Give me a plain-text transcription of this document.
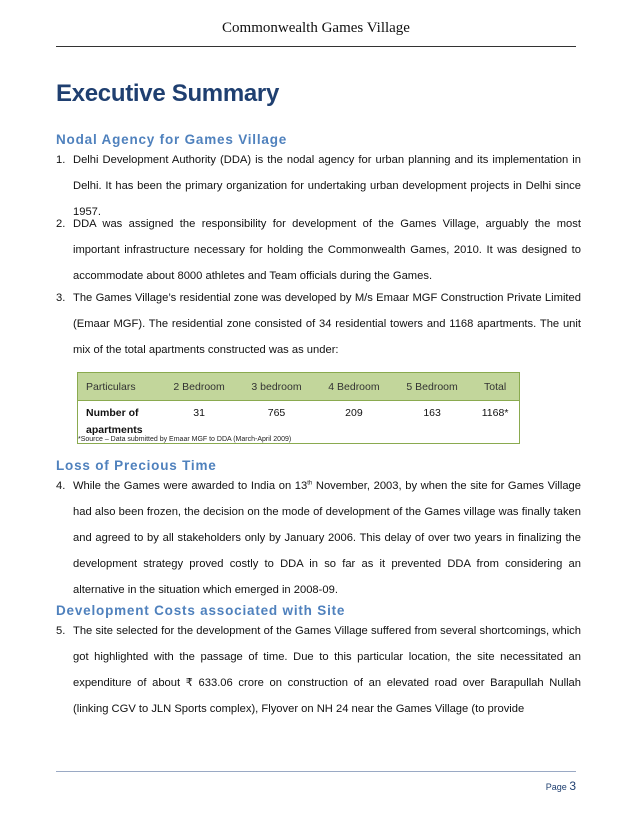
Commonwealth Games Village
Executive Summary
Nodal Agency for Games Village

1. Delhi Development Authority (DDA) is the nodal agency for urban planning and its implementation in Delhi. It has been the primary organization for undertaking urban development projects in Delhi since 1957.

2. DDA was assigned the responsibility for development of the Games Village, arguably the most important infrastructure necessary for holding the Commonwealth Games, 2010. It was designed to accommodate about 8000 athletes and Team officials during the Games.

3. The Games Village’s residential zone was developed by M/s Emaar MGF Construction Private Limited (Emaar MGF). The residential zone consisted of 34 residential towers and 1168 apartments. The unit mix of the total apartments constructed was as under:

Particulars	2 Bedroom	3 bedroom	4 Bedroom	5 Bedroom	Total
Number of apartments	31	765	209	163	1168*
*Source – Data submitted by Emaar MGF to DDA (March-April 2009)
Loss of Precious Time

4. While the Games were awarded to India on 13th November, 2003, by when the site for Games Village had also been frozen, the decision on the mode of development of the Games village was finally taken and agreed to by all stakeholders only by January 2006. This delay of over two years in finalizing the development strategy proved costly to DDA in so far as it prevented DDA from considering an alternative in the situation which emerged in 2008-09.

Development Costs associated with Site

5. The site selected for the development of the Games Village suffered from several shortcomings, which got highlighted with the passage of time. Due to this particular location, the site necessitated an expenditure of about ₹ 633.06 crore on construction of an elevated road over Barapullah Nullah (linking CGV to JLN Sports complex), Flyover on NH 24 near the Games Village (to provide

Page 3
